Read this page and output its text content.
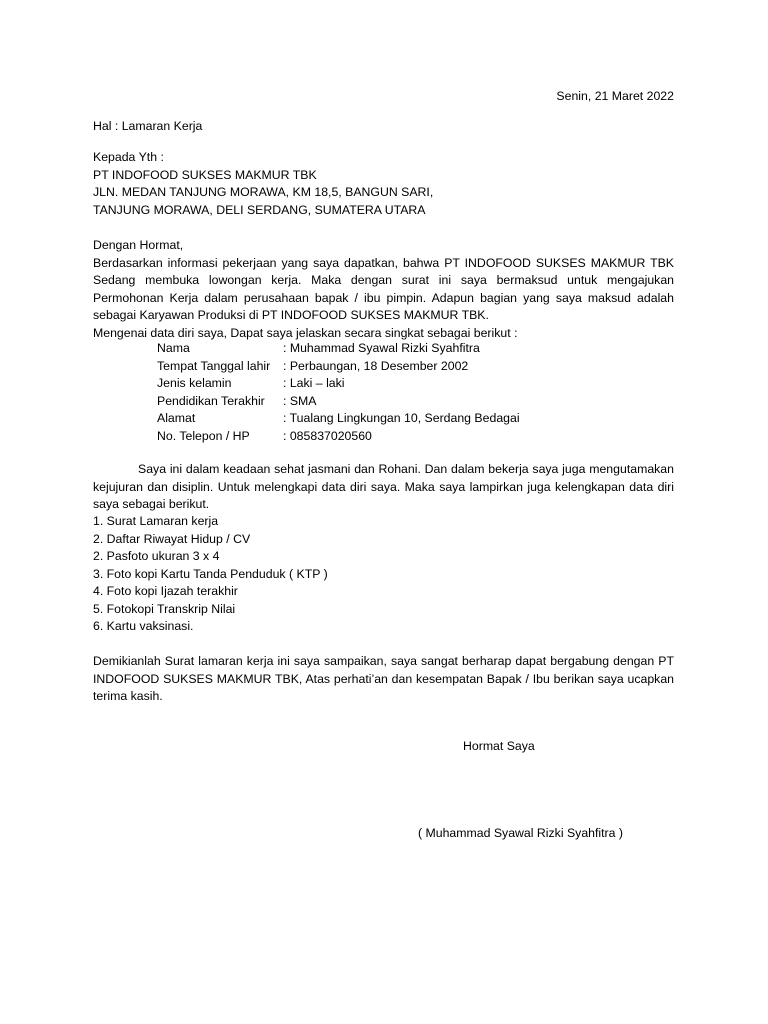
Senin, 21 Maret 2022
Hal : Lamaran Kerja
Kepada Yth :
PT INDOFOOD SUKSES MAKMUR TBK
JLN. MEDAN TANJUNG MORAWA, KM 18,5, BANGUN SARI,
TANJUNG MORAWA, DELI SERDANG, SUMATERA UTARA
Dengan Hormat,
Berdasarkan informasi pekerjaan yang saya dapatkan, bahwa PT INDOFOOD SUKSES MAKMUR TBK Sedang membuka lowongan kerja. Maka dengan surat ini saya bermaksud untuk mengajukan Permohonan Kerja dalam perusahaan bapak / ibu pimpin. Adapun bagian yang saya maksud adalah sebagai Karyawan Produksi di PT INDOFOOD SUKSES MAKMUR TBK.
Mengenai data diri saya, Dapat saya jelaskan secara singkat sebagai berikut :
Nama	: Muhammad Syawal Rizki Syahfitra
Tempat Tanggal lahir	: Perbaungan, 18 Desember 2002
Jenis kelamin	: Laki – laki
Pendidikan Terakhir	: SMA
Alamat	: Tualang Lingkungan 10, Serdang Bedagai
No. Telepon / HP	: 085837020560
Saya ini dalam keadaan sehat jasmani dan Rohani. Dan dalam bekerja saya juga mengutamakan kejujuran dan disiplin. Untuk melengkapi data diri saya. Maka saya lampirkan juga kelengkapan data diri saya sebagai berikut.
1. Surat Lamaran kerja
2. Daftar Riwayat Hidup / CV
2. Pasfoto ukuran 3 x 4
3. Foto kopi Kartu Tanda Penduduk ( KTP )
4. Foto kopi Ijazah terakhir
5. Fotokopi Transkrip Nilai
6. Kartu vaksinasi.
Demikianlah Surat lamaran kerja ini saya sampaikan, saya sangat berharap dapat bergabung dengan PT INDOFOOD SUKSES MAKMUR TBK, Atas perhati’an dan kesempatan Bapak / Ibu berikan saya ucapkan terima kasih.
Hormat Saya
( Muhammad Syawal Rizki Syahfitra )
